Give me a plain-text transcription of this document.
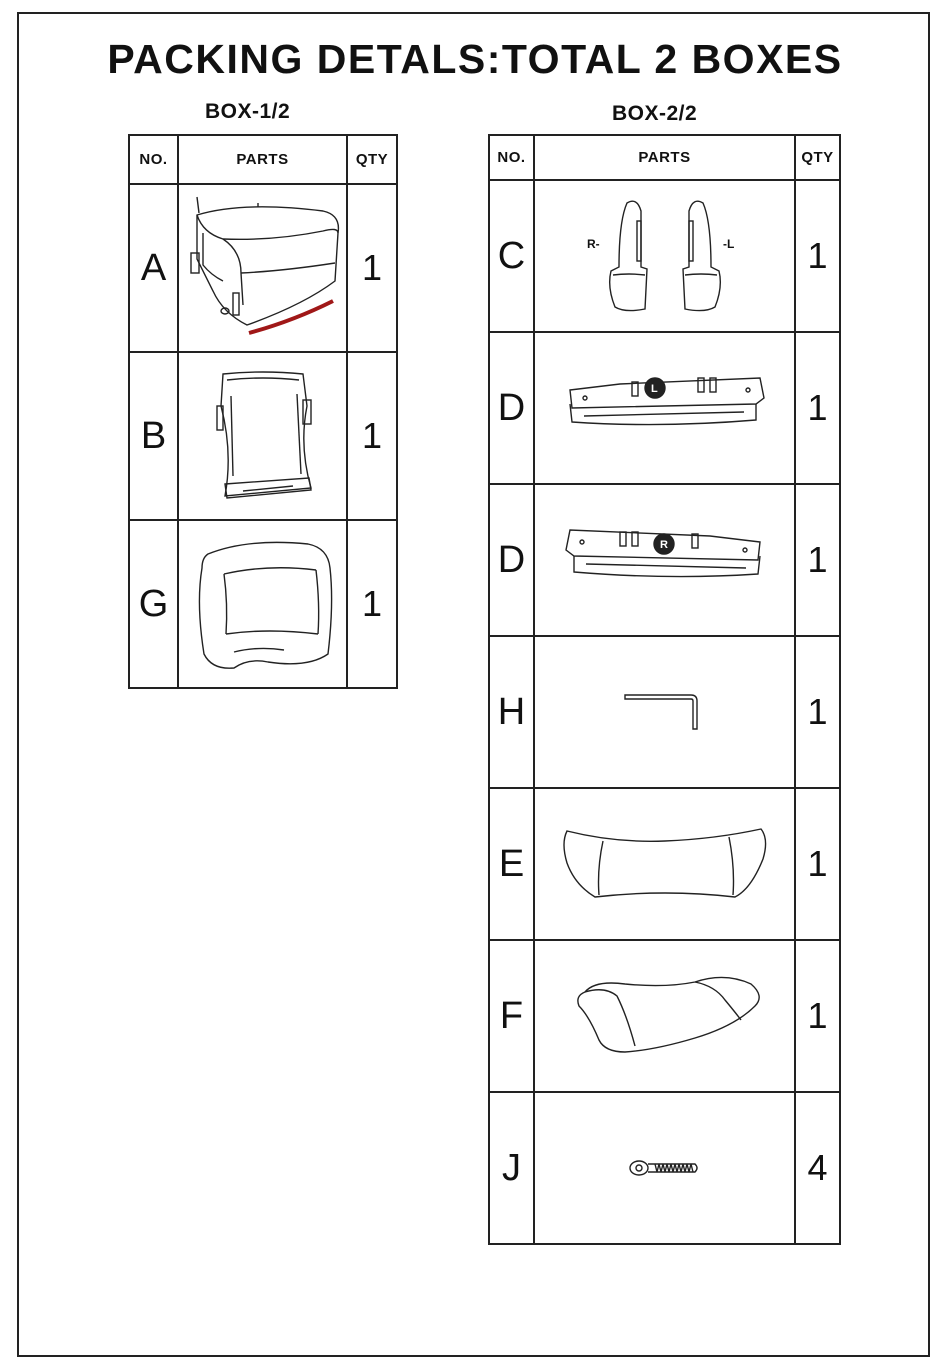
PACKING DETALS:TOTAL 2 BOXES
BOX-1/2	BOX-2/2
NO.	PARTS	QTY
A		1
B		1
G		1
NO.	PARTS	QTY
C	R- -L	1
D	L	1
D	R	1
H		1
E		1
F		1
J		4
